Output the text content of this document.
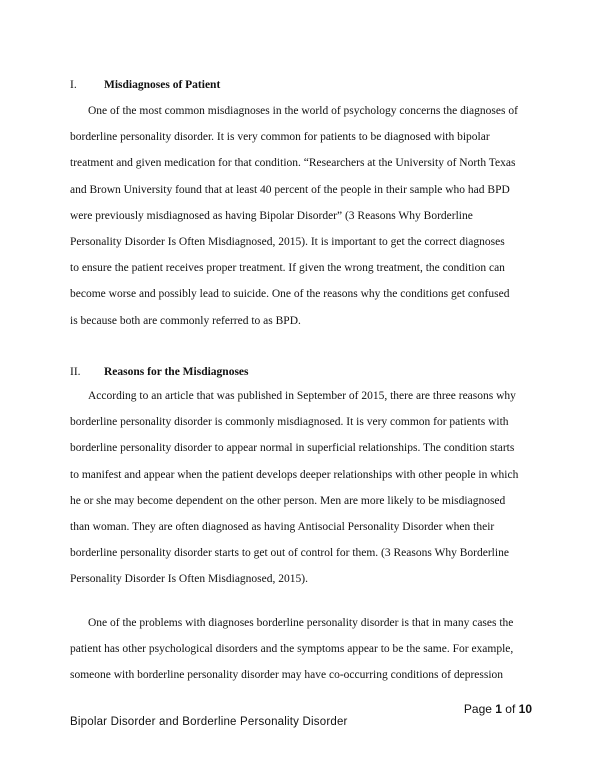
I. Misdiagnoses of Patient
One of the most common misdiagnoses in the world of psychology concerns the diagnoses of
borderline personality disorder. It is very common for patients to be diagnosed with bipolar
treatment and given medication for that condition. “Researchers at the University of North Texas
and Brown University found that at least 40 percent of the people in their sample who had BPD
were previously misdiagnosed as having Bipolar Disorder” (3 Reasons Why Borderline
Personality Disorder Is Often Misdiagnosed, 2015). It is important to get the correct diagnoses
to ensure the patient receives proper treatment. If given the wrong treatment, the condition can
become worse and possibly lead to suicide. One of the reasons why the conditions get confused
is because both are commonly referred to as BPD.
II. Reasons for the Misdiagnoses
According to an article that was published in September of 2015, there are three reasons why
borderline personality disorder is commonly misdiagnosed. It is very common for patients with
borderline personality disorder to appear normal in superficial relationships. The condition starts
to manifest and appear when the patient develops deeper relationships with other people in which
he or she may become dependent on the other person. Men are more likely to be misdiagnosed
than woman. They are often diagnosed as having Antisocial Personality Disorder when their
borderline personality disorder starts to get out of control for them. (3 Reasons Why Borderline
Personality Disorder Is Often Misdiagnosed, 2015).
One of the problems with diagnoses borderline personality disorder is that in many cases the
patient has other psychological disorders and the symptoms appear to be the same. For example,
someone with borderline personality disorder may have co-occurring conditions of depression
Page 1 of 10
Bipolar Disorder and Borderline Personality Disorder
